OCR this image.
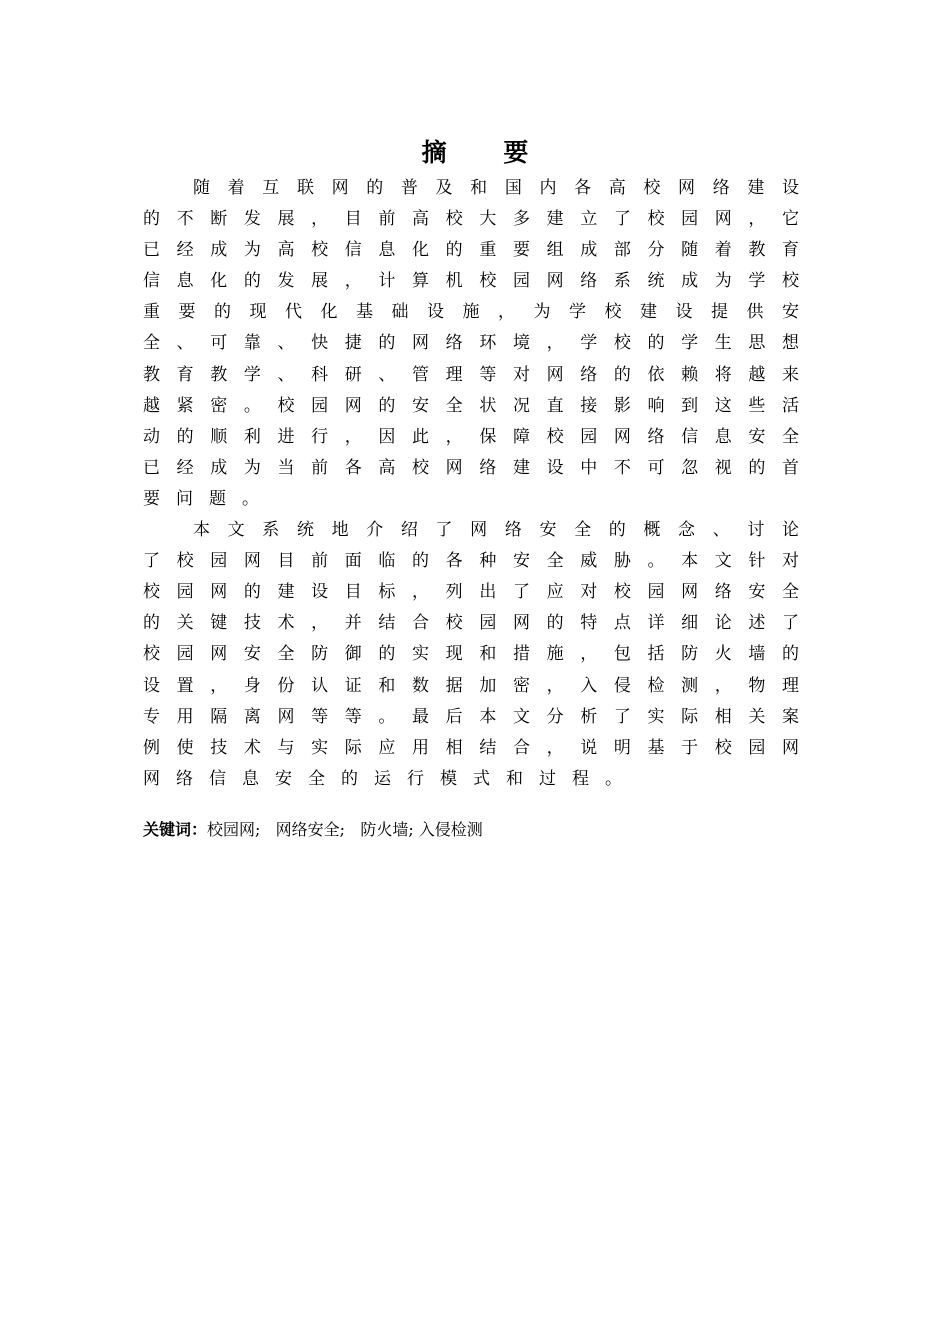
摘 要

随着互联网的普及和国内各高校网络建设的不断发展，目前高校大多建立了校园网，它已经成为高校信息化的重要组成部分随着教育信息化的发展，计算机校园网络系统成为学校重要的现代化基础设施，为学校建设提供安全、可靠、快捷的网络环境，学校的学生思想教育教学、科研、管理等对网络的依赖将越来越紧密。校园网的安全状况直接影响到这些活动的顺利进行，因此，保障校园网络信息安全已经成为当前各高校网络建设中不可忽视的首要问题。

本文系统地介绍了网络安全的概念、讨论了校园网目前面临的各种安全威胁。本文针对校园网的建设目标，列出了应对校园网络安全的关键技术，并结合校园网的特点详细论述了校园网安全防御的实现和措施，包括防火墙的设置，身份认证和数据加密，入侵检测，物理专用隔离网等等。最后本文分析了实际相关案例使技术与实际应用相结合，说明基于校园网网络信息安全的运行模式和过程。

关键词：校园网;   网络安全;   防火墙; 入侵检测
